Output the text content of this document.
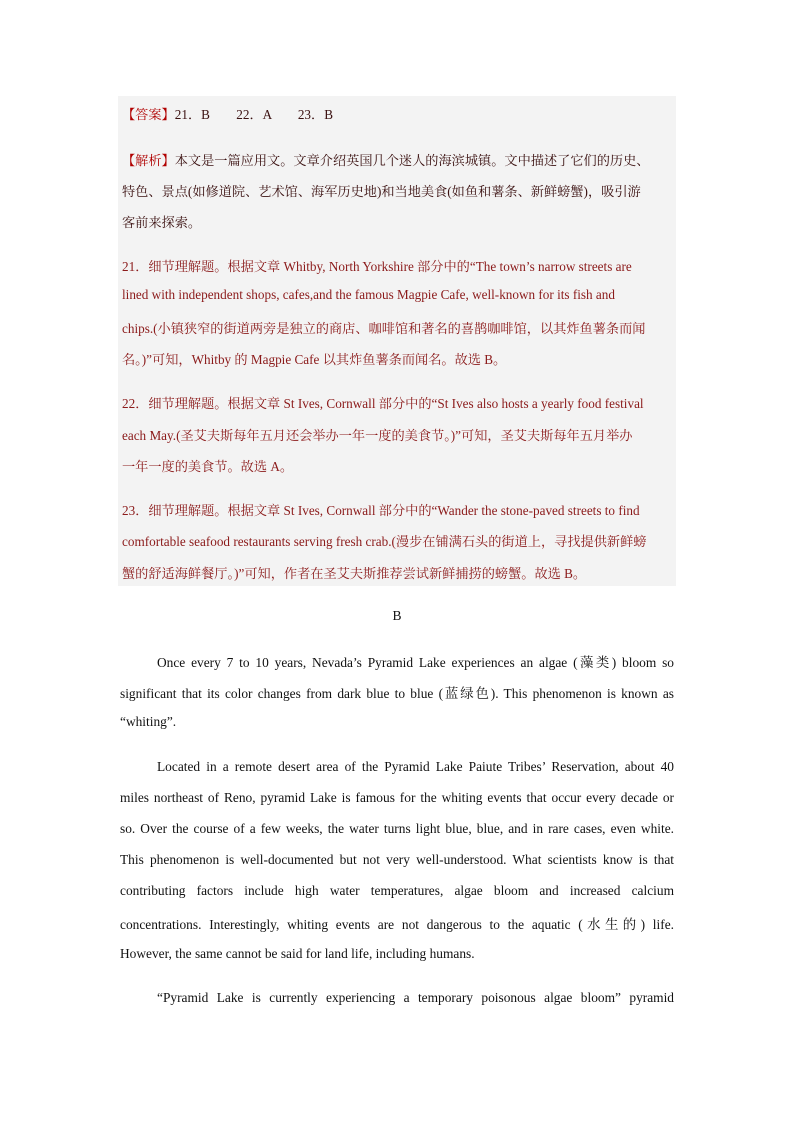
【答案】21．B　　22．A　　23．B
【解析】本文是一篇应用文。文章介绍英国几个迷人的海滨城镇。文中描述了它们的历史、
特色、景点(如修道院、艺术馆、海军历史地)和当地美食(如鱼和薯条、新鲜螃蟹)，吸引游
客前来探索。
21．细节理解题。根据文章 Whitby, North Yorkshire 部分中的“The town’s narrow streets are
lined with independent shops, cafes,and the famous Magpie Cafe, well-known for its fish and
chips.(小镇狭窄的街道两旁是独立的商店、咖啡馆和著名的喜鹊咖啡馆，以其炸鱼薯条而闻
名。)”可知，Whitby 的 Magpie Cafe 以其炸鱼薯条而闻名。故选 B。
22．细节理解题。根据文章 St Ives, Cornwall 部分中的“St Ives also hosts a yearly food festival
each May.(圣艾夫斯每年五月还会举办一年一度的美食节。)”可知，圣艾夫斯每年五月举办
一年一度的美食节。故选 A。
23．细节理解题。根据文章 St Ives, Cornwall 部分中的“Wander the stone-paved streets to find
comfortable seafood restaurants serving fresh crab.(漫步在铺满石头的街道上，寻找提供新鲜螃
蟹的舒适海鲜餐厅。)”可知，作者在圣艾夫斯推荐尝试新鲜捕捞的螃蟹。故选 B。
B
Once every 7 to 10 years, Nevada’s Pyramid Lake experiences an algae (藻类) bloom so
significant that its color changes from dark blue to blue (蓝绿色). This phenomenon is known as
“whiting”.
Located in a remote desert area of the Pyramid Lake Paiute Tribes’ Reservation, about 40
miles northeast of Reno, pyramid Lake is famous for the whiting events that occur every decade or
so. Over the course of a few weeks, the water turns light blue, blue, and in rare cases, even white.
This phenomenon is well-documented but not very well-understood. What scientists know is that
contributing factors include high water temperatures, algae bloom and increased calcium
concentrations. Interestingly, whiting events are not dangerous to the aquatic (水生的) life.
However, the same cannot be said for land life, including humans.
“Pyramid Lake is currently experiencing a temporary poisonous algae bloom” pyramid
